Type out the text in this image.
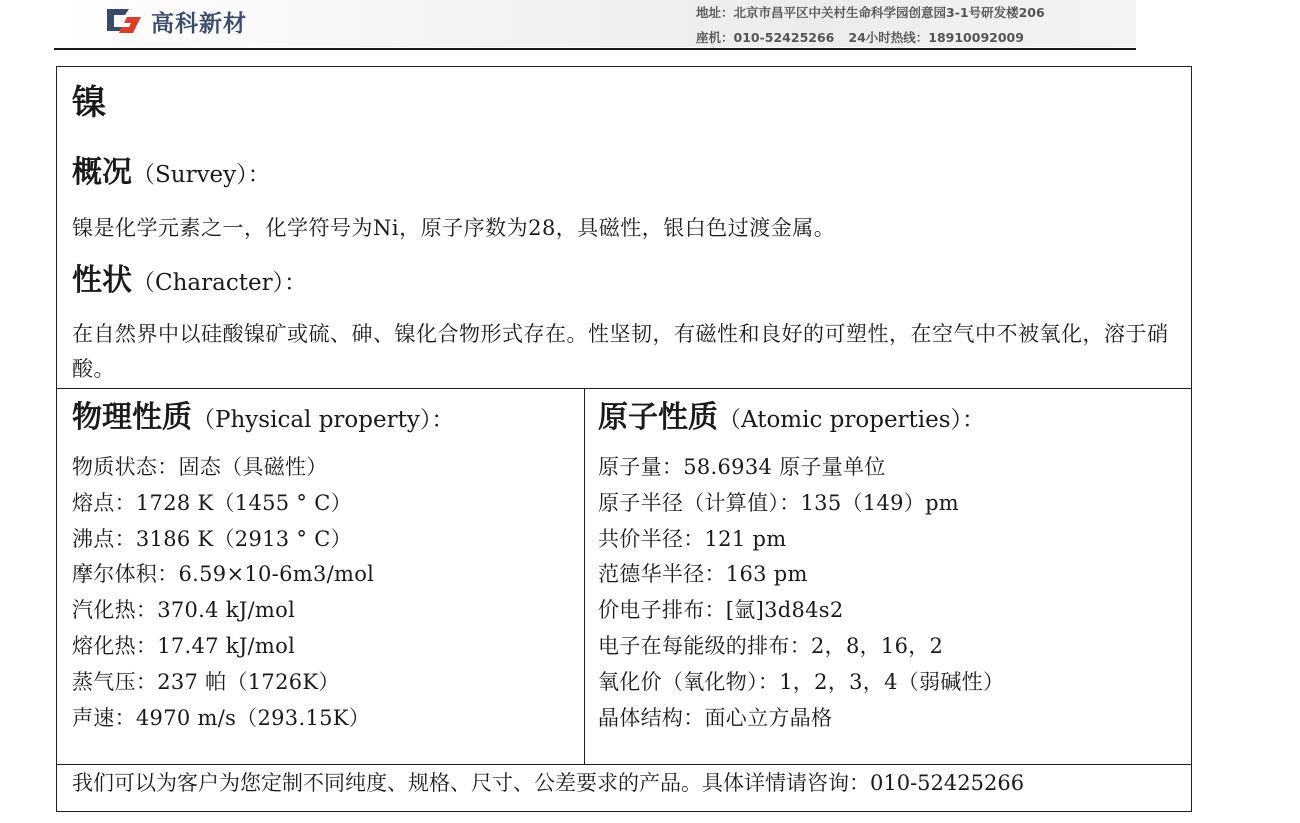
高科新材	地址：北京市昌平区中关村生命科学园创意园3-1号研发楼206
座机：010-52425266 24小时热线：18910092009
镍
概况（Survey）：
镍是化学元素之一，化学符号为Ni，原子序数为28，具磁性，银白色过渡金属。
性状（Character）：
在自然界中以硅酸镍矿或硫、砷、镍化合物形式存在。性坚韧，有磁性和良好的可塑性，在空气中不被氧化，溶于硝酸。
物理性质（Physical property）：
物质状态：固态（具磁性）
熔点：1728 K（1455 ° C）
沸点：3186 K（2913 ° C）
摩尔体积：6.59×10-6m3/mol
汽化热：370.4 kJ/mol
熔化热：17.47 kJ/mol
蒸气压：237 帕（1726K）
声速：4970 m/s（293.15K）
原子性质（Atomic properties）：
原子量：58.6934 原子量单位
原子半径（计算值）：135（149）pm
共价半径：121 pm
范德华半径：163 pm
价电子排布：[氩]3d84s2
电子在每能级的排布：2，8，16，2
氧化价（氧化物）：1，2，3，4（弱碱性）
晶体结构：面心立方晶格
我们可以为客户为您定制不同纯度、规格、尺寸、公差要求的产品。具体详情请咨询：010-52425266
